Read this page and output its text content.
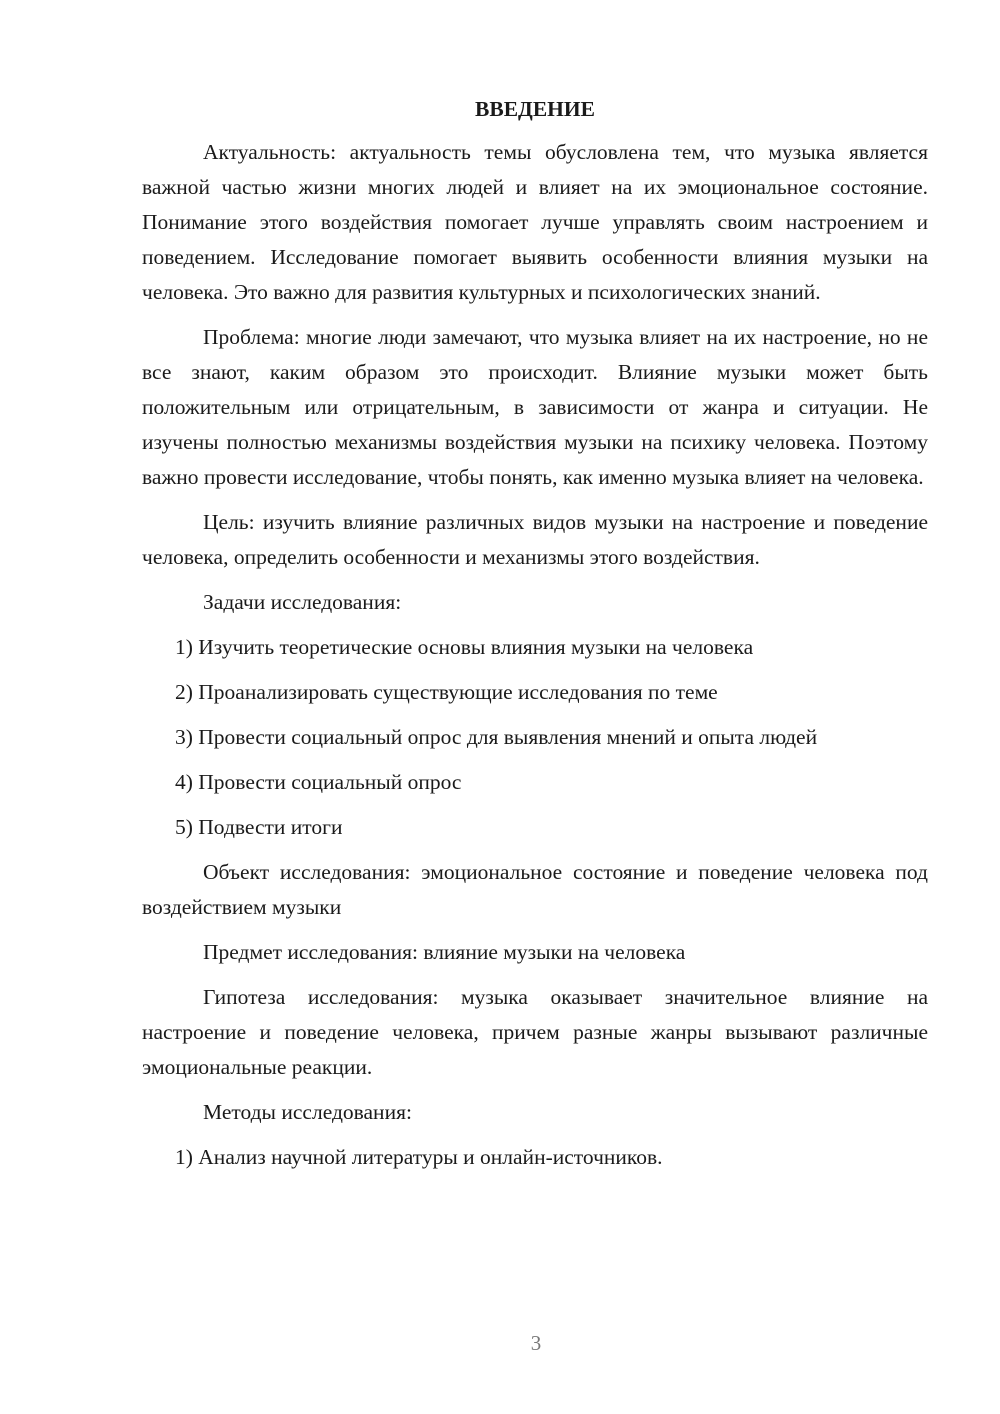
ВВЕДЕНИЕ

Актуальность: актуальность темы обусловлена тем, что музыка является важной частью жизни многих людей и влияет на их эмоциональное состояние. Понимание этого воздействия помогает лучше управлять своим настроением и поведением. Исследование помогает выявить особенности влияния музыки на человека. Это важно для развития культурных и психологических знаний.

Проблема: многие люди замечают, что музыка влияет на их настроение, но не все знают, каким образом это происходит. Влияние музыки может быть положительным или отрицательным, в зависимости от жанра и ситуации. Не изучены полностью механизмы воздействия музыки на психику человека. Поэтому важно провести исследование, чтобы понять, как именно музыка влияет на человека.

Цель: изучить влияние различных видов музыки на настроение и поведение человека, определить особенности и механизмы этого воздействия.

Задачи исследования:

1) Изучить теоретические основы влияния музыки на человека
2) Проанализировать существующие исследования по теме
3) Провести социальный опрос для выявления мнений и опыта людей
4) Провести социальный опрос
5) Подвести итоги

Объект исследования: эмоциональное состояние и поведение человека под воздействием музыки

Предмет исследования: влияние музыки на человека

Гипотеза исследования: музыка оказывает значительное влияние на настроение и поведение человека, причем разные жанры вызывают различные эмоциональные реакции.

Методы исследования:

1) Анализ научной литературы и онлайн-источников.
3
